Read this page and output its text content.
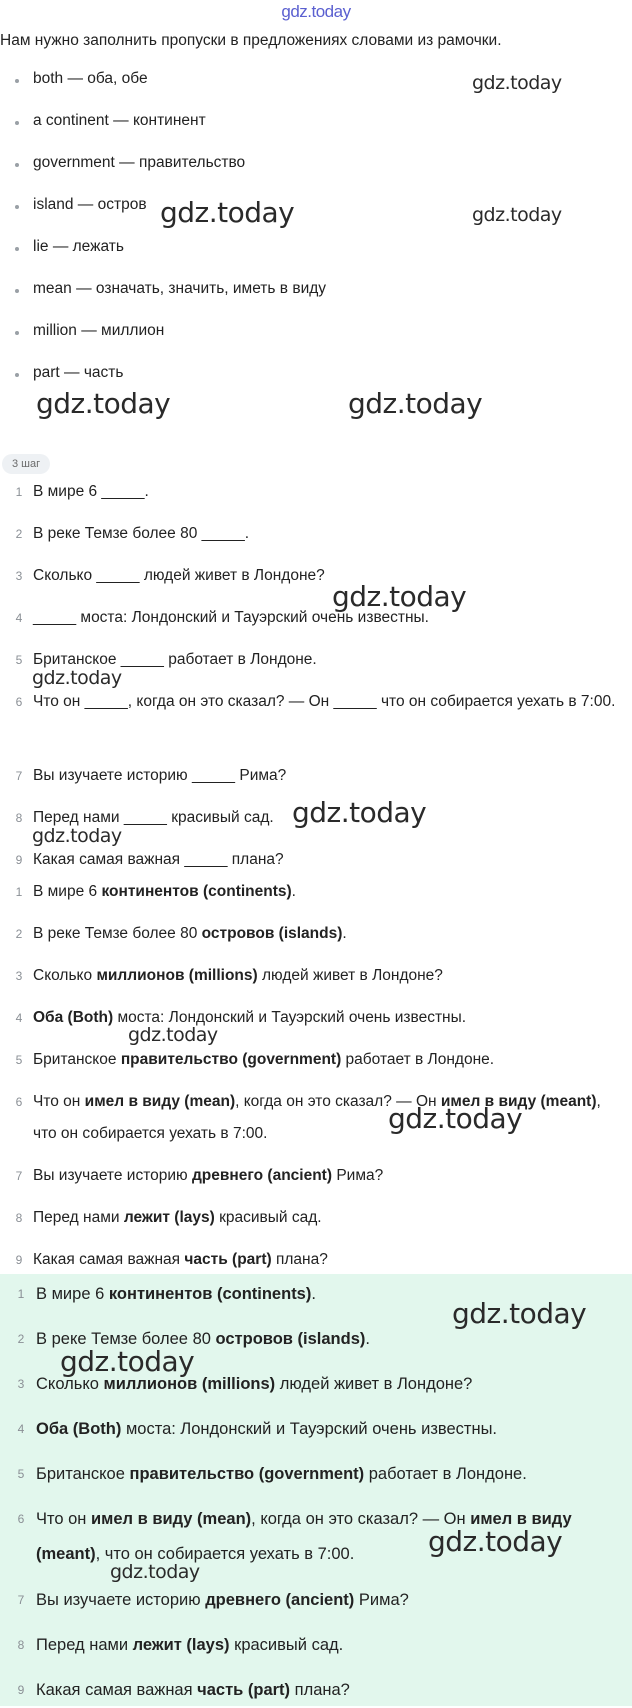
gdz.today
Нам нужно заполнить пропуски в предложениях словами из рамочки.
both — оба, обе
a continent — континент
government — правительство
island — остров
lie — лежать
mean — означать, значить, иметь в виду
million — миллион
part — часть
3 шаг
1 В мире 6 _____.
2 В реке Темзе более 80 _____.
3 Сколько _____ людей живет в Лондоне?
4 _____ моста: Лондонский и Тауэрский очень известны.
5 Британское _____ работает в Лондоне.
6 Что он _____, когда он это сказал? — Он _____ что он собирается уехать в 7:00.
7 Вы изучаете историю _____ Рима?
8 Перед нами _____ красивый сад.
9 Какая самая важная _____ плана?
1 В мире 6 континентов (continents).
2 В реке Темзе более 80 островов (islands).
3 Сколько миллионов (millions) людей живет в Лондоне?
4 Оба (Both) моста: Лондонский и Тауэрский очень известны.
5 Британское правительство (government) работает в Лондоне.
6 Что он имел в виду (mean), когда он это сказал? — Он имел в виду (meant), что он собирается уехать в 7:00.
7 Вы изучаете историю древнего (ancient) Рима?
8 Перед нами лежит (lays) красивый сад.
9 Какая самая важная часть (part) плана?
1 В мире 6 континентов (continents).
2 В реке Темзе более 80 островов (islands).
3 Сколько миллионов (millions) людей живет в Лондоне?
4 Оба (Both) моста: Лондонский и Тауэрский очень известны.
5 Британское правительство (government) работает в Лондоне.
6 Что он имел в виду (mean), когда он это сказал? — Он имел в виду (meant), что он собирается уехать в 7:00.
7 Вы изучаете историю древнего (ancient) Рима?
8 Перед нами лежит (lays) красивый сад.
9 Какая самая важная часть (part) плана?
gdz.today
gdz.today	gdz.today
gdz.today	gdz.today
gdz.today
gdz.today
gdz.today
gdz.today
gdz.today
gdz.today
gdz.today
gdz.today
gdz.today
gdz.today
